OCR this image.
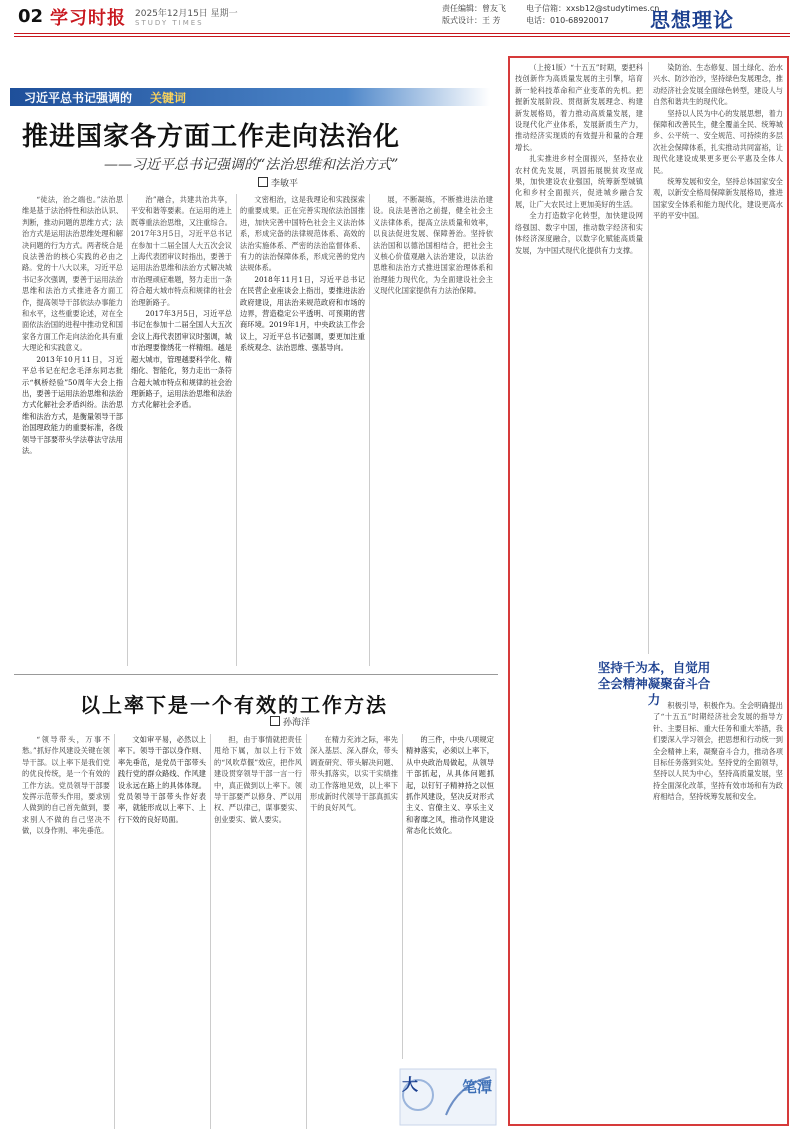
02 学习时报 2025年12月15日 星期一
STUDY TIMES
责任编辑：曾友飞
版式设计：王 芳
电子信箱：xxsb12@studytimes.cn
电话：010-68920017	思想理论
习近平总书记强调的 关键词
推进国家各方面工作走向法治化
——习近平总书记强调的“法治思维和法治方式”
李敏平

“徒法，治之端也。”法治思维是基于法治特性和法治认识、判断，推动问题的思维方式；法治方式是运用法治思维处理和解决问题的行为方式。两者统合是良法善治的核心实践的必由之路。党的十八大以来，习近平总书记多次强调，要善于运用法治思维和法治方式推进各方面工作，提高领导干部依法办事能力和水平，这些重要论述，对在全面依法治国的进程中推动党和国家各方面工作走向法治化具有重大理论和实践意义。

2013年10月11日，习近平总书记在纪念毛泽东同志批示“枫桥经验”50周年大会上指出，要善于运用法治思维和法治方式化解社会矛盾纠纷。法治思维和法治方式，是衡量领导干部治国理政能力的重要标准，各级领导干部要带头学法尊法守法用法。

治”融合，共建共治共享，平安和谐等要素。在运用的进上既尊重法治思维，又注重综合。2017年3月5日，习近平总书记在参加十二届全国人大五次会议上海代表团审议时指出，要善于运用法治思维和法治方式解决城市治理顽症难题，努力走出一条符合超大城市特点和规律的社会治理新路子。

2017年3月5日，习近平总书记在参加十二届全国人大五次会议上海代表团审议时强调，城市治理要像绣花一样精细。越是超大城市，管理越要科学化、精细化、智能化，努力走出一条符合超大城市特点和规律的社会治理新路子，运用法治思维和法治方式化解社会矛盾。

文密相治，这是我理论和实践探索的重要成果。正在完善实现依法治国推进，加快完善中国特色社会主义法治体系，形成完备的法律规范体系、高效的法治实施体系、严密的法治监督体系、有力的法治保障体系，形成完善的党内法规体系。

2018年11月1日，习近平总书记在民营企业座谈会上指出，要推进法治政府建设，用法治来规范政府和市场的边界，营造稳定公平透明、可预期的营商环境。2019年1月，中央政法工作会议上，习近平总书记强调，要更加注重系统观念、法治思维、强基导向。

展，不断凝练，不断推进法治建设。良法是善治之前提，健全社会主义法律体系，提高立法质量和效率，以良法促进发展、保障善治。坚持依法治国和以德治国相结合，把社会主义核心价值观融入法治建设，以法治思维和法治方式推进国家治理体系和治理能力现代化，为全面建设社会主义现代化国家提供有力法治保障。

以上率下是一个有效的工作方法
孙海洋

“领导带头，万事不愁。”抓好作风建设关键在领导干部。以上率下是我们党的优良传统，是一个有效的工作方法。党员领导干部要发挥示范带头作用，要求别人做到的自己首先做到，要求别人不做的自己坚决不做，以身作则、率先垂范。

文如审平易，必然以上率下。领导干部以身作则、率先垂范，是党员干部带头践行党的群众路线、作风建设永远在路上的具体体现。党员领导干部带头作好表率，就能形成以上率下、上行下效的良好局面。

担，由于事情就把责任甩给下属，加以上行下效的“风吹草偃”效应，把作风建设贯穿领导干部一言一行中，真正做到以上率下。领导干部要严以修身、严以用权、严以律己，谋事要实、创业要实、做人要实。

在精力充沛之际，率先深入基层、深入群众，带头调查研究、带头解决问题、带头抓落实，以实干实绩推动工作落地见效，以上率下形成新时代领导干部真抓实干的良好风气。

的三件，中央八项规定精神落实，必须以上率下，从中央政治局做起，从领导干部抓起，从具体问题抓起，以钉钉子精神持之以恒抓作风建设，坚决反对形式主义、官僚主义、享乐主义和奢靡之风，推动作风建设常态化长效化。

大	笔潭

（上接1版）“十五五”时期，要把科技创新作为高质量发展的主引擎，培育新一轮科技革命和产业变革的先机。把握新发展阶段、贯彻新发展理念、构建新发展格局，着力推动高质量发展，建设现代化产业体系，发展新质生产力，推动经济实现质的有效提升和量的合理增长。

扎实推进乡村全面振兴，坚持农业农村优先发展，巩固拓展脱贫攻坚成果，加快建设农业强国，统筹新型城镇化和乡村全面振兴，促进城乡融合发展，让广大农民过上更加美好的生活。

全力打造数字化转型，加快建设网络强国、数字中国，推动数字经济和实体经济深度融合，以数字化赋能高质量发展，为中国式现代化提供有力支撑。

染防治、生态修复、国土绿化、治水兴水、防沙治沙，坚持绿色发展理念，推动经济社会发展全面绿色转型，建设人与自然和谐共生的现代化。

坚持以人民为中心的发展思想，着力保障和改善民生，健全覆盖全民、统筹城乡、公平统一、安全规范、可持续的多层次社会保障体系，扎实推动共同富裕，让现代化建设成果更多更公平惠及全体人民。

统筹发展和安全，坚持总体国家安全观，以新安全格局保障新发展格局，推进国家安全体系和能力现代化，建设更高水平的平安中国。

坚持千为本，自觉用全会精神凝聚奋斗合力 积极引导，积极作为。全会明确提出了“十五五”时期经济社会发展的指导方针、主要目标、重大任务和重大举措，我们要深入学习领会，把思想和行动统一到全会精神上来，凝聚奋斗合力，推动各项目标任务落到实处。坚持党的全面领导，坚持以人民为中心，坚持高质量发展，坚持全面深化改革，坚持有效市场和有为政府相结合，坚持统筹发展和安全。
